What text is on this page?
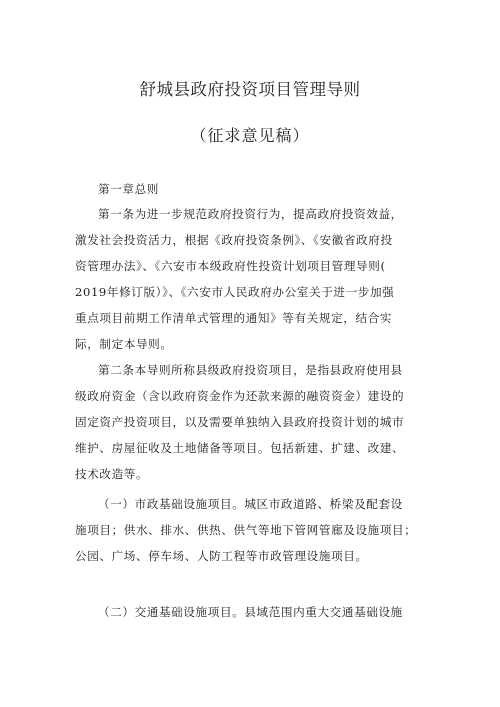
舒城县政府投资项目管理导则
（征求意见稿）
第一章总则
第一条为进一步规范政府投资行为，提高政府投资效益，
激发社会投资活力，根据《政府投资条例》、《安徽省政府投
资管理办法》、《六安市本级政府性投资计划项目管理导则(
2019年修订版）》、《六安市人民政府办公室关于进一步加强
重点项目前期工作清单式管理的通知》等有关规定，结合实
际，制定本导则。
第二条本导则所称县级政府投资项目，是指县政府使用县
级政府资金（含以政府资金作为还款来源的融资资金）建设的
固定资产投资项目，以及需要单独纳入县政府投资计划的城市
维护、房屋征收及土地储备等项目。包括新建、扩建、改建、
技术改造等。
（一）市政基础设施项目。城区市政道路、桥梁及配套设
施项目；供水、排水、供热、供气等地下管网管廊及设施项目；
公园、广场、停车场、人防工程等市政管理设施项目。
（二）交通基础设施项目。县域范围内重大交通基础设施
